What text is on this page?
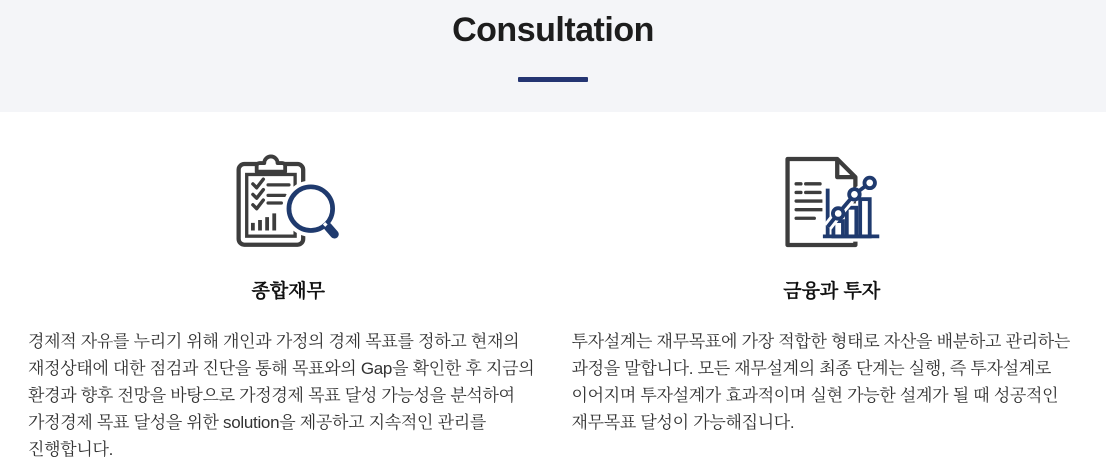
Consultation
종합재무

경제적 자유를 누리기 위해 개인과 가정의 경제 목표를 정하고 현재의 재정상태에 대한 점검과 진단을 통해 목표와의 Gap을 확인한 후 지금의 환경과 향후 전망을 바탕으로 가정경제 목표 달성 가능성을 분석하여 가정경제 목표 달성을 위한 solution을 제공하고 지속적인 관리를 진행합니다.

금융과 투자

투자설계는 재무목표에 가장 적합한 형태로 자산을 배분하고 관리하는 과정을 말합니다. 모든 재무설계의 최종 단계는 실행, 즉 투자설계로 이어지며 투자설계가 효과적이며 실현 가능한 설계가 될 때 성공적인 재무목표 달성이 가능해집니다.
